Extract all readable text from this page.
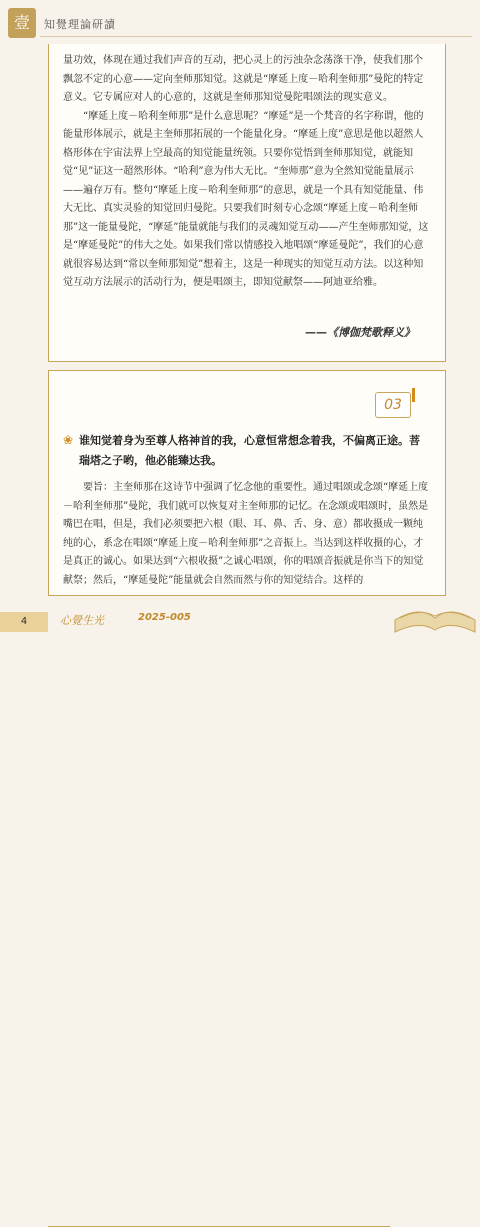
壹	知覺理論研讀

量功效，体现在通过我们声音的互动，把心灵上的污浊杂念荡涤干净，使我们那个飘忽不定的心意——定向奎师那知觉。这就是“摩延上度－哈利奎师那”曼陀的特定意义。它专属应对人的心意的，这就是奎师那知觉曼陀唱颂法的现实意义。

“摩延上度－哈利奎师那”是什么意思呢？“摩延”是一个梵音的名字称谓，他的能量形体展示，就是主奎师那拓展的一个能量化身。“摩延上度”意思是他以超然人格形体在宇宙法界上空最高的知觉能量统领。只要你觉悟到奎师那知觉，就能知觉“见”证这一超然形体。“哈利”意为伟大无比。“奎师那”意为全然知觉能量展示——遍存万有。整句“摩延上度－哈利奎师那”的意思，就是一个具有知觉能量、伟大无比、真实灵验的知觉回归曼陀。只要我们时刻专心念颂“摩延上度－哈利奎师那”这一能量曼陀，“摩延”能量就能与我们的灵魂知觉互动——产生奎师那知觉，这是“摩延曼陀”的伟大之处。如果我们常以情感投入地唱颂“摩延曼陀”，我们的心意就很容易达到“常以奎师那知觉”想着主，这是一种现实的知觉互动方法。以这种知觉互动方法展示的活动行为，便是唱颂主，即知觉献祭——阿迪亚给雅。

——《博伽梵歌释义》
03
❀ 谁知觉着身为至尊人格神首的我，心意恒常想念着我，不偏离正途。菩瑞塔之子哟，他必能臻达我。

要旨：主奎师那在这诗节中强调了忆念他的重要性。通过唱颂或念颂“摩延上度－哈利奎师那”曼陀，我们就可以恢复对主奎师那的记忆。在念颂或唱颂时，虽然是嘴巴在唱，但是，我们必须要把六根（眼、耳、鼻、舌、身、意）都收摄成一颗纯纯的心，系念在唱颂“摩延上度－哈利奎师那”之音振上。当达到这样收摄的心，才是真正的诚心。如果达到“六根收摄”之诚心唱颂，你的唱颂音振就是你当下的知觉献祭；然后，“摩延曼陀”能量就会自然而然与你的知觉结合。这样的

4	心覺生光	2025-005
